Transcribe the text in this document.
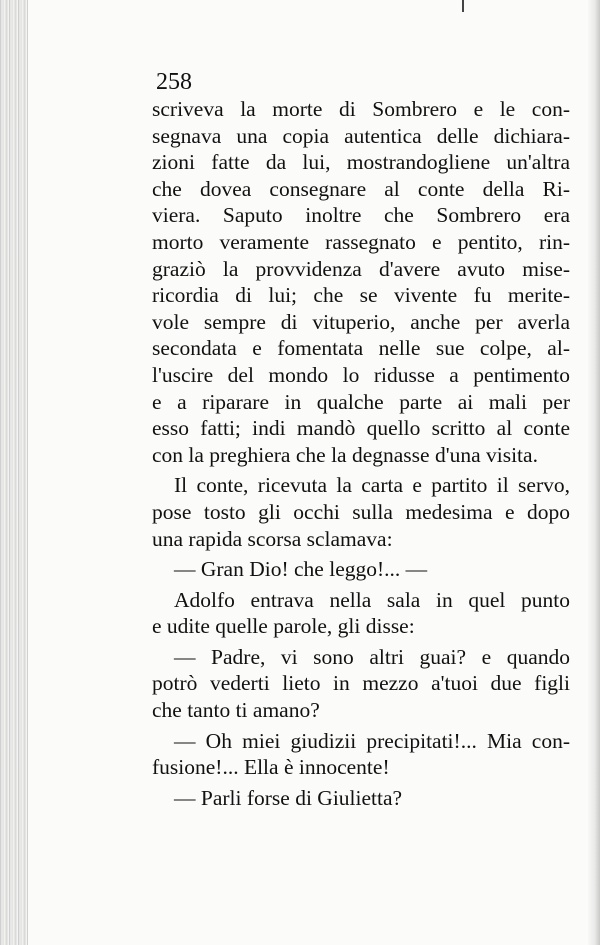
258
scriveva la morte di Sombrero e le con-
segnava una copia autentica delle dichiara-
zioni fatte da lui, mostrandogliene un'altra
che dovea consegnare al conte della Ri-
viera. Saputo inoltre che Sombrero era
morto veramente rassegnato e pentito, rin-
graziò la provvidenza d'avere avuto mise-
ricordia di lui; che se vivente fu merite-
vole sempre di vituperio, anche per averla
secondata e fomentata nelle sue colpe, al-
l'uscire del mondo lo ridusse a pentimento
e a riparare in qualche parte ai mali per
esso fatti; indi mandò quello scritto al conte
con la preghiera che la degnasse d'una visita.
Il conte, ricevuta la carta e partito il servo,
pose tosto gli occhi sulla medesima e dopo
una rapida scorsa sclamava:
— Gran Dio! che leggo!... —
Adolfo entrava nella sala in quel punto
e udite quelle parole, gli disse:
— Padre, vi sono altri guai? e quando
potrò vederti lieto in mezzo a'tuoi due figli
che tanto ti amano?
— Oh miei giudizii precipitati!... Mia con-
fusione!... Ella è innocente!
— Parli forse di Giulietta?
